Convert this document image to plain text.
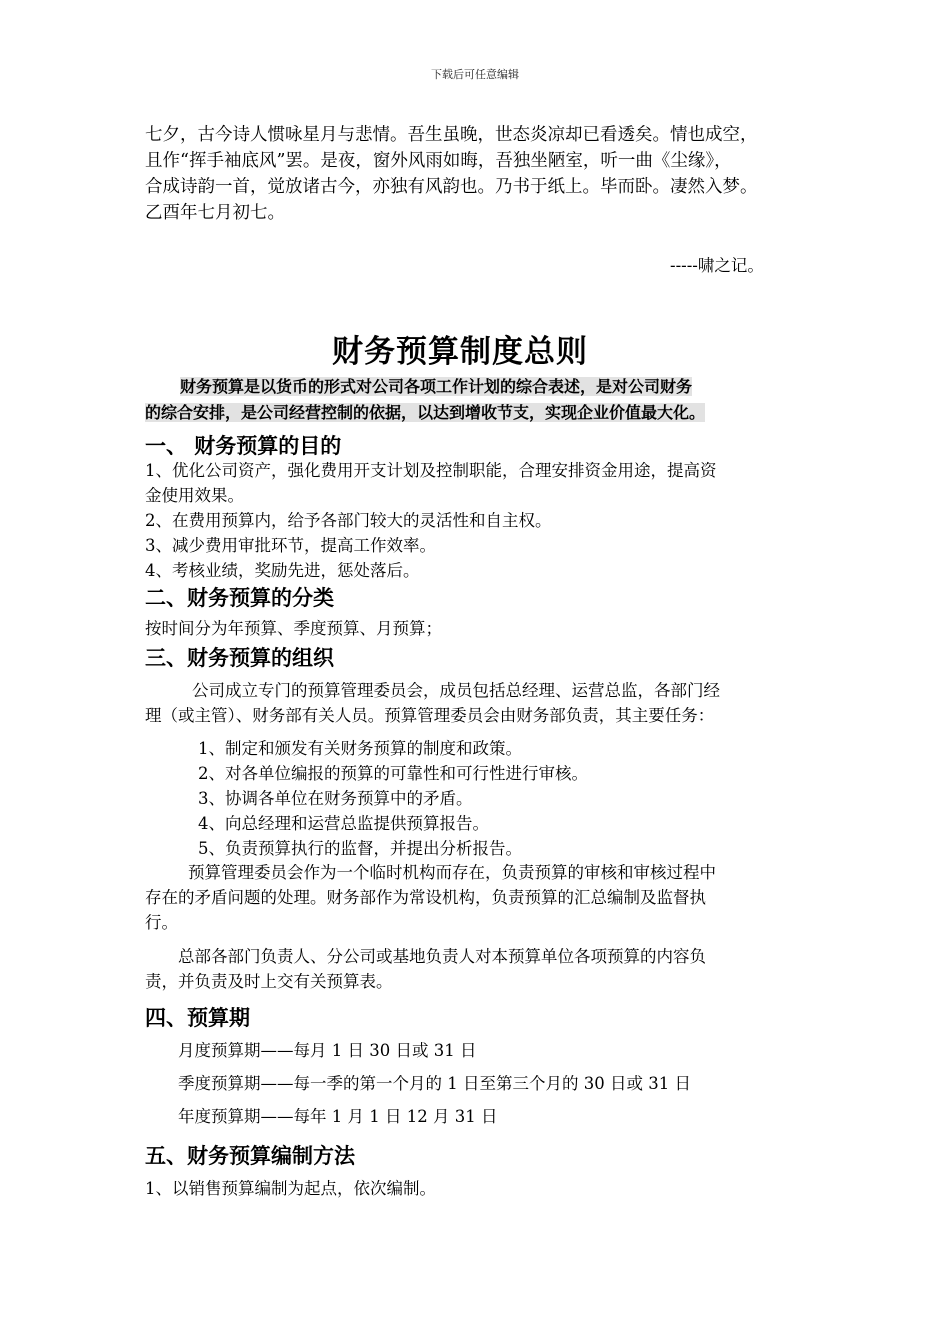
下载后可任意编辑
七夕，古今诗人惯咏星月与悲情。吾生虽晚，世态炎凉却已看透矣。情也成空，
且作“挥手袖底风”罢。是夜，窗外风雨如晦，吾独坐陋室，听一曲《尘缘》，
合成诗韵一首，觉放诸古今，亦独有风韵也。乃书于纸上。毕而卧。凄然入梦。
乙酉年七月初七。
-----啸之记。
财务预算制度总则
财务预算是以货币的形式对公司各项工作计划的综合表述，是对公司财务
的综合安排，是公司经营控制的依据，以达到增收节支，实现企业价值最大化。
一、 财务预算的目的
1、优化公司资产，强化费用开支计划及控制职能，合理安排资金用途，提高资
金使用效果。
2、在费用预算内，给予各部门较大的灵活性和自主权。
3、减少费用审批环节，提高工作效率。
4、考核业绩，奖励先进，惩处落后。
二、财务预算的分类
按时间分为年预算、季度预算、月预算；
三、财务预算的组织
公司成立专门的预算管理委员会，成员包括总经理、运营总监，各部门经
理（或主管）、财务部有关人员。预算管理委员会由财务部负责，其主要任务：
1、制定和颁发有关财务预算的制度和政策。
2、对各单位编报的预算的可靠性和可行性进行审核。
3、协调各单位在财务预算中的矛盾。
4、向总经理和运营总监提供预算报告。
5、负责预算执行的监督，并提出分析报告。
预算管理委员会作为一个临时机构而存在，负责预算的审核和审核过程中
存在的矛盾问题的处理。财务部作为常设机构，负责预算的汇总编制及监督执
行。
总部各部门负责人、分公司或基地负责人对本预算单位各项预算的内容负
责，并负责及时上交有关预算表。
四、预算期
月度预算期——每月 1 日 30 日或 31 日
季度预算期——每一季的第一个月的 1 日至第三个月的 30 日或 31 日
年度预算期——每年 1 月 1 日 12 月 31 日
五、财务预算编制方法
1、以销售预算编制为起点，依次编制。
